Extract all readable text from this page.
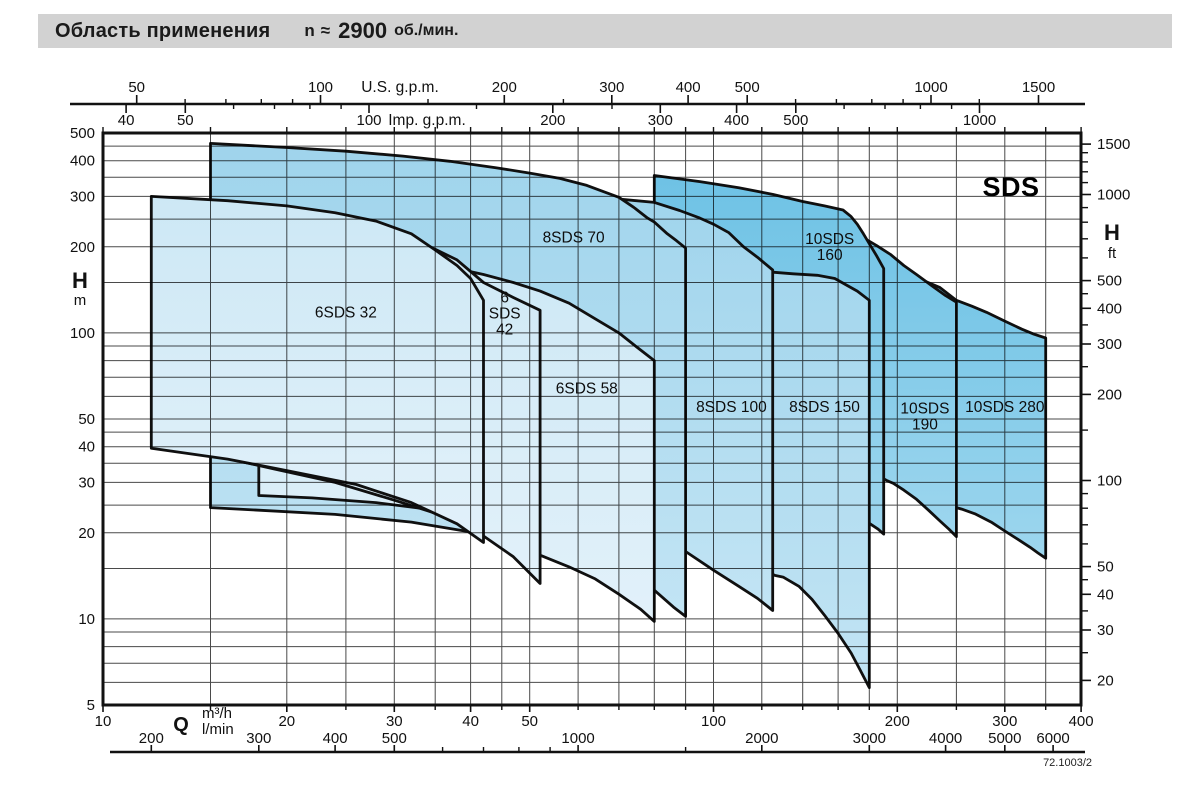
50	100	200	300	400 500	1000	1500
40	50	100	200	300	400 500	1000
U.S. g.p.m.
Imp. g.p.m.
10	20	30	40	50	100	200	300	400
200	300	400 500	1000	2000	3000	4000 5000 6000
Q
m³/h
l/min
500
400
300
200
100
50
40
30
20
10
5
H
m
1500
1000
500
400
300
200
100
50
40
30
20
H
ft
10SDS 280
10SDS
190
10SDS
160
8SDS 150
8SDS 100
8SDS 70
6SDS 58
6
SDS
42
6SDS 32
SDS
Область применения n ≈ 2900 об./мин.
72.1003/2
